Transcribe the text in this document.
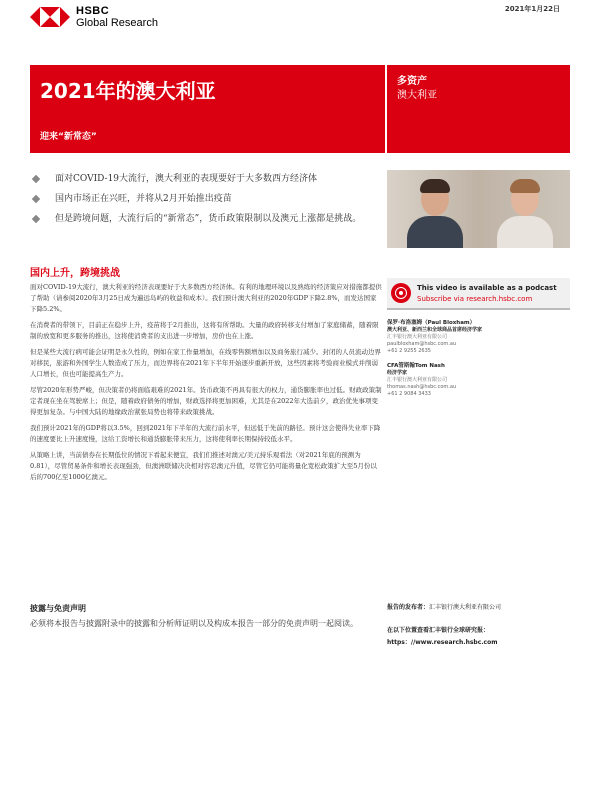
HSBC
Global Research
2021年1月22日
2021年的澳大利亚
迎来“新常态”
多资产
澳大利亚
面对COVID-19大流行，澳大利亚的表现要好于大多数西方经济体
国内市场正在兴旺，并将从2月开始推出疫苗
但是跨境问题，大流行后的“新常态”，货币政策限制以及澳元上涨都是挑战。
国内上升，跨境挑战

面对COVID-19大流行，澳大利亚的经济表现要好于大多数西方经济体。有利的地理环境以及熟练的经济策应对措施都提供了帮助（请参阅2020年3月25日成为遍远岛屿的收益和成本）。我们预计澳大利亚的2020年GDP下降2.8%，而发达国家下降5.2%。

在消费者的带领下，目前正在稳步上升，疫苗将于2月推出，这将有所帮助。大量的政府转移支付增加了家庭储蓄，随着限制的放宽和更多服务的推出，这将使消费者的支出进一步增加，房价也在上涨。

但是某些大流行病可能会证明是永久性的，例如在家工作量增加，在线零售额增加以及商务旅行减少。封闭的人员流动边界对移民，旅游和外国学生人数造成了压力，而边界将在2021年下半年开始逐步重新开放，这些因素将考验商业模式并削弱人口增长，但也可能提高生产力。

尽管2020年形势严峻，但决策者仍将面临艰难的2021年。货币政策不再具有很大的权力，通货膨胀率也过低。财政政策制定者现在坐在驾驶席上；但是，随着政府债务的增加，财政选择将更加困难，尤其是在2022年大选前夕，政治优先事项变得更加复杂。与中国大陆的地缘政治紧张局势也将带来政策挑战。

我们预计2021年的GDP将以3.5%，回到2021年下半年的大流行前水平，但远低于先前的路径。预计这会使得失业率下降的速度要比上升速度慢，这给工资增长和通货膨胀带来压力，这将使利率长期保持较低水平。

从策略上讲，当前债券在长期低位的情况下看起来便宜，我们们推述对澳元/美元持乐观看法（对2021年底的预测为0.81），尽管贸易条件和增长表现强劲，但澳洲联储决决相对容忍澳元升值，尽管它仍可能将量化宽松政策扩大至5月份以后的700亿至1000亿澳元。

This video is available as a podcast
Subscribe via research.hsbc.com
保罗·布洛塞姆（Paul Bloxham）
澳大利亚、新西兰和全球商品首席经济学家
汇丰银行澳大利亚有限公司
paulbloxham@hsbc.com.au
+61 2 9255 2635
CFA管斯翰Tom Nash
经济学家
汇丰银行澳大利亚有限公司
thomas.nash@hsbc.com.au
+61 2 9084 3433
披露与免责声明
必须将本报告与披露附录中的披露和分析师证明以及构成本报告一部分的免责声明一起阅读。
报告的发布者：汇丰银行澳大利亚有限公司
在以下位置查看汇丰银行全球研究报：
https：//www.research.hsbc.com
